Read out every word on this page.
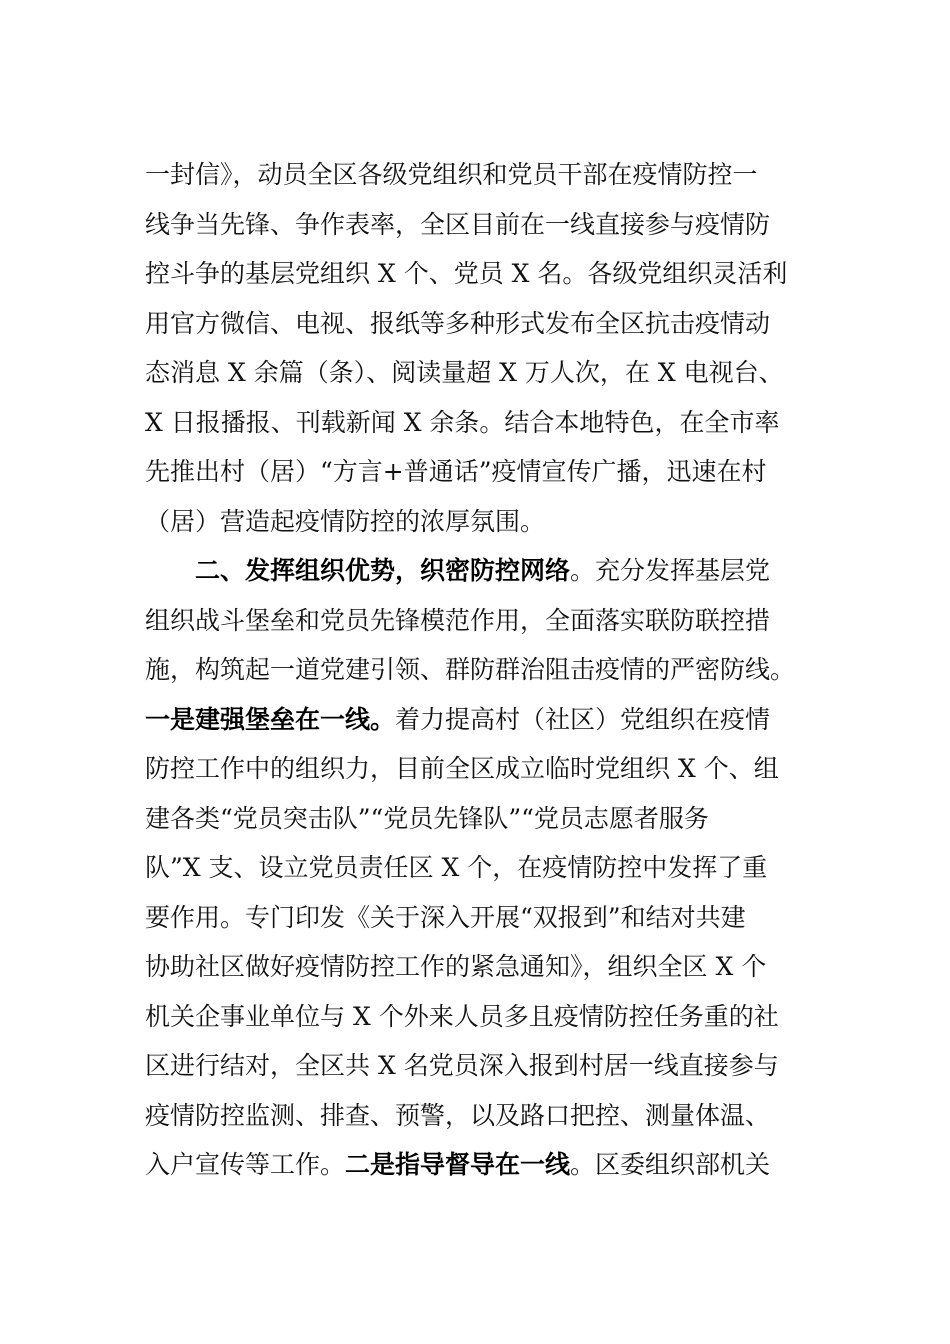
一封信》，动员全区各级党组织和党员干部在疫情防控一
线争当先锋、争作表率，全区目前在一线直接参与疫情防
控斗争的基层党组织 X 个、党员 X 名。各级党组织灵活利
用官方微信、电视、报纸等多种形式发布全区抗击疫情动
态消息 X 余篇（条）、阅读量超 X 万人次，在 X 电视台、
X 日报播报、刊载新闻 X 余条。结合本地特色，在全市率
先推出村（居）“方言+普通话”疫情宣传广播，迅速在村
（居）营造起疫情防控的浓厚氛围。
二、发挥组织优势，织密防控网络。充分发挥基层党
组织战斗堡垒和党员先锋模范作用，全面落实联防联控措
施，构筑起一道党建引领、群防群治阻击疫情的严密防线。
一是建强堡垒在一线。着力提高村（社区）党组织在疫情
防控工作中的组织力，目前全区成立临时党组织 X 个、组
建各类“党员突击队”“党员先锋队”“党员志愿者服务
队”X 支、设立党员责任区 X 个，在疫情防控中发挥了重
要作用。专门印发《关于深入开展“双报到”和结对共建
协助社区做好疫情防控工作的紧急通知》，组织全区 X 个
机关企事业单位与 X 个外来人员多且疫情防控任务重的社
区进行结对，全区共 X 名党员深入报到村居一线直接参与
疫情防控监测、排查、预警，以及路口把控、测量体温、
入户宣传等工作。二是指导督导在一线。区委组织部机关
